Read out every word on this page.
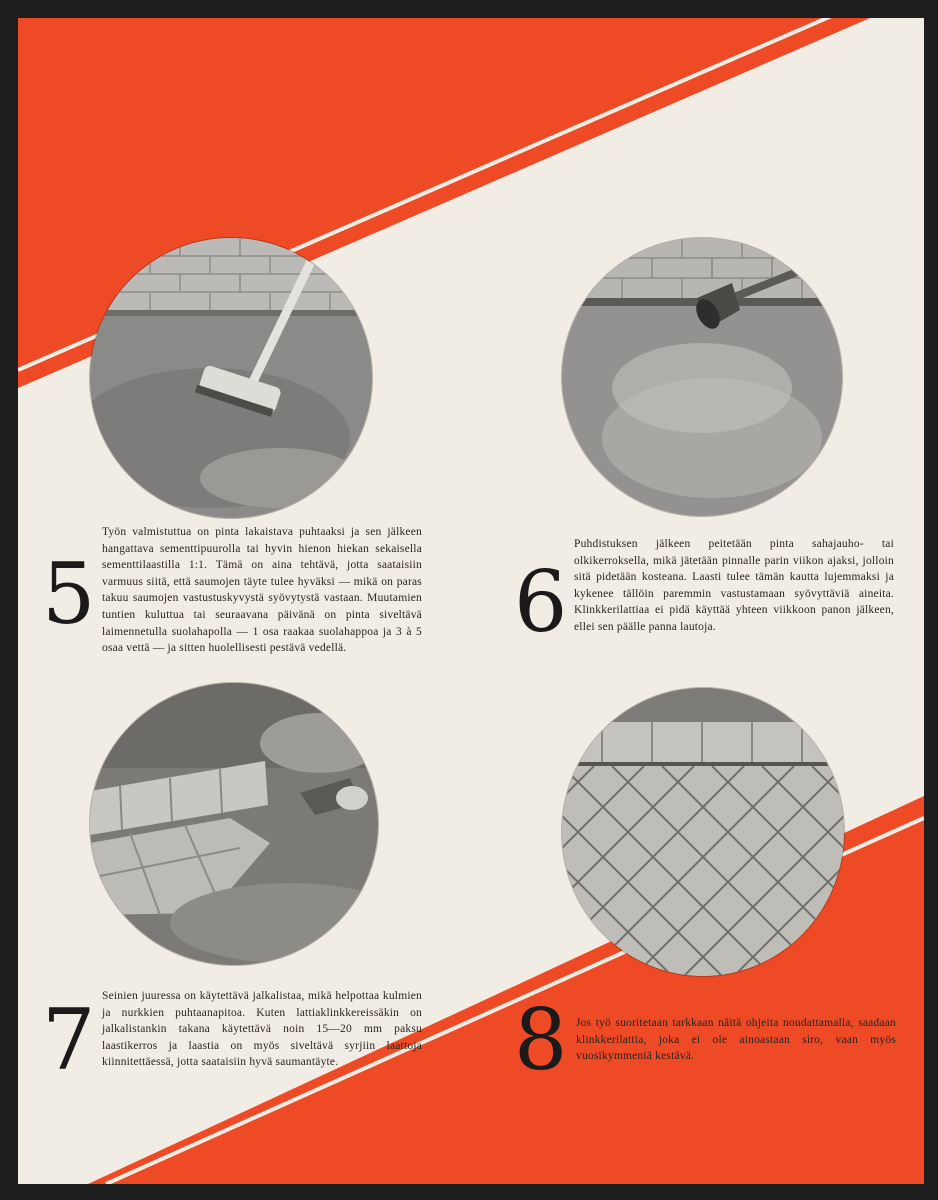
5
Työn valmistuttua on pinta lakaistava puhtaaksi ja sen jälkeen hangattava sementtipuurolla tai hyvin hienon hiekan sekaisella sementtilaastilla 1:1. Tämä on aina tehtävä, jotta saataisiin varmuus siitä, että saumojen täyte tulee hyväksi — mikä on paras takuu saumojen vastustuskyvystä syövytystä vastaan. Muutamien tuntien kuluttua tai seuraavana päivänä on pinta siveltävä laimennetulla suolahapolla — 1 osa raakaa suolahappoa ja 3 à 5 osaa vettä — ja sitten huolellisesti pestävä vedellä.	6
Puhdistuksen jälkeen peitetään pinta sahajauho- tai olkikerroksella, mikä jätetään pinnalle parin viikon ajaksi, jolloin sitä pidetään kosteana. Laasti tulee tämän kautta lujemmaksi ja kykenee tällöin paremmin vastustamaan syövyttäviä aineita. Klinkkerilattiaa ei pidä käyttää yhteen viikkoon panon jälkeen, ellei sen päälle panna lautoja.
7 Seinien juuressa on käytettävä jalkalistaa, mikä helpottaa kulmien ja nurkkien puhtaanapitoa. Kuten lattiaklinkkereissäkin on jalkalistankin takana käytettävä noin 15—20 mm paksu laastikerros ja laastia on myös siveltävä syrjiin laattoja kiinnitettäessä, jotta saataisiin hyvä saumantäyte.	8 Jos työ suoritetaan tarkkaan näitä ohjeita noudattamalla, saadaan klinkkerilattia, joka ei ole ainoastaan siro, vaan myös vuosikymmeniä kestävä.
